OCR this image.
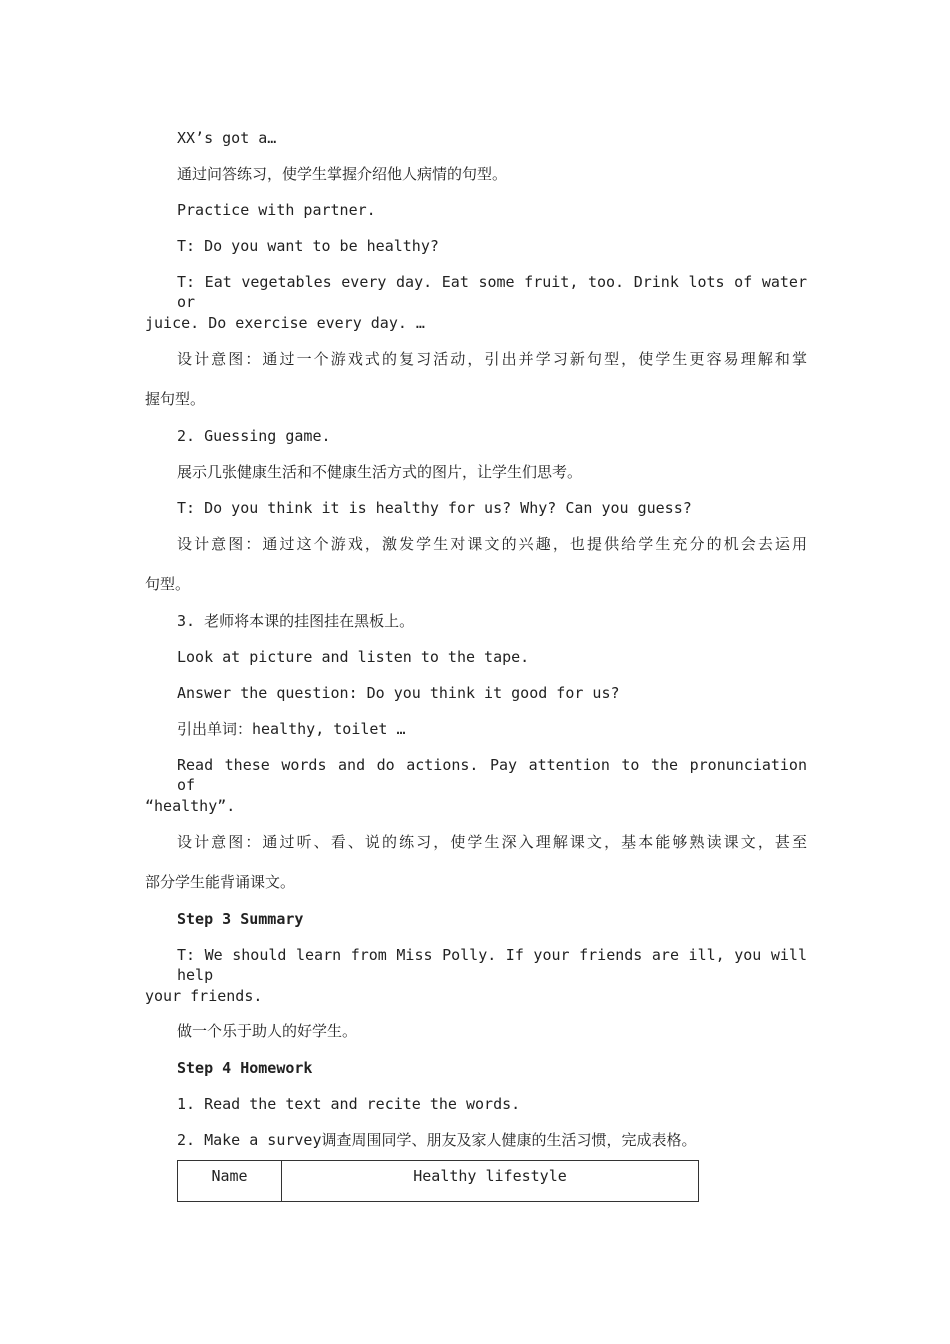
XX’s got a…
通过问答练习，使学生掌握介绍他人病情的句型。
Practice with partner.
T: Do you want to be healthy?
T: Eat vegetables every day. Eat some fruit, too. Drink lots of water or
juice. Do exercise every day. …
设计意图：通过一个游戏式的复习活动，引出并学习新句型，使学生更容易理解和掌
握句型。
2. Guessing game.
展示几张健康生活和不健康生活方式的图片，让学生们思考。
T: Do you think it is healthy for us? Why? Can you guess?
设计意图：通过这个游戏，激发学生对课文的兴趣，也提供给学生充分的机会去运用
句型。
3. 老师将本课的挂图挂在黑板上。
Look at picture and listen to the tape.
Answer the question: Do you think it good for us?
引出单词：healthy, toilet …
Read these words and do actions. Pay attention to the pronunciation of
“healthy”.
设计意图：通过听、看、说的练习，使学生深入理解课文，基本能够熟读课文，甚至
部分学生能背诵课文。
Step 3 Summary
T: We should learn from Miss Polly. If your friends are ill, you will help
your friends.
做一个乐于助人的好学生。
Step 4 Homework
1. Read the text and recite the words.
2. Make a survey调查周围同学、朋友及家人健康的生活习惯，完成表格。
Name	Healthy lifestyle
